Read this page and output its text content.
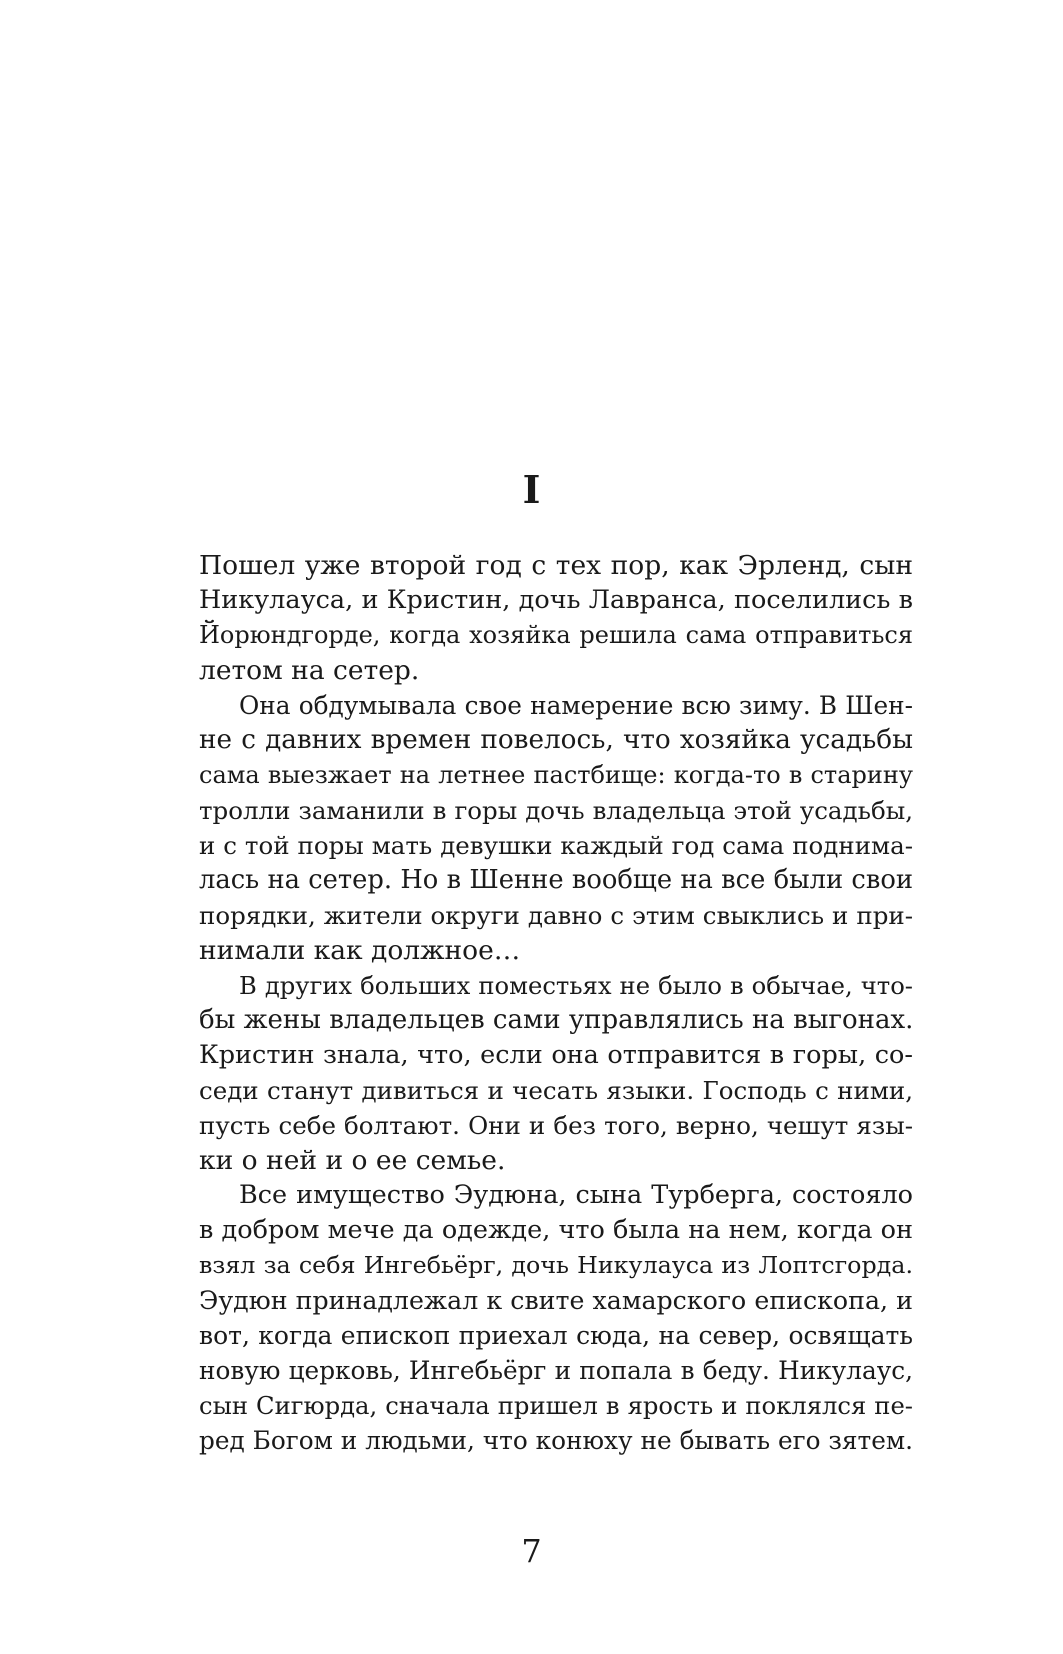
I
Пошел уже второй год с тех пор, как Эрленд, сын
Никулауса, и Кристин, дочь Лавранса, поселились в
Йорюндгорде, когда хозяйка решила сама отправиться
летом на сетер.
Она обдумывала свое намерение всю зиму. В Шен-
не с давних времен повелось, что хозяйка усадьбы
сама выезжает на летнее пастбище: когда-то в старину
тролли заманили в горы дочь владельца этой усадьбы,
и с той поры мать девушки каждый год сама поднима-
лась на сетер. Но в Шенне вообще на все были свои
порядки, жители округи давно с этим свыклись и при-
нимали как должное…
В других больших поместьях не было в обычае, что-
бы жены владельцев сами управлялись на выгонах.
Кристин знала, что, если она отправится в горы, со-
седи станут дивиться и чесать языки. Господь с ними,
пусть себе болтают. Они и без того, верно, чешут язы-
ки о ней и о ее семье.
Все имущество Эудюна, сына Турберга, состояло
в добром мече да одежде, что была на нем, когда он
взял за себя Ингебьёрг, дочь Никулауса из Лоптсгорда.
Эудюн принадлежал к свите хамарского епископа, и
вот, когда епископ приехал сюда, на север, освящать
новую церковь, Ингебьёрг и попала в беду. Никулаус,
сын Сигюрда, сначала пришел в ярость и поклялся пе-
ред Богом и людьми, что конюху не бывать его зятем.
7
